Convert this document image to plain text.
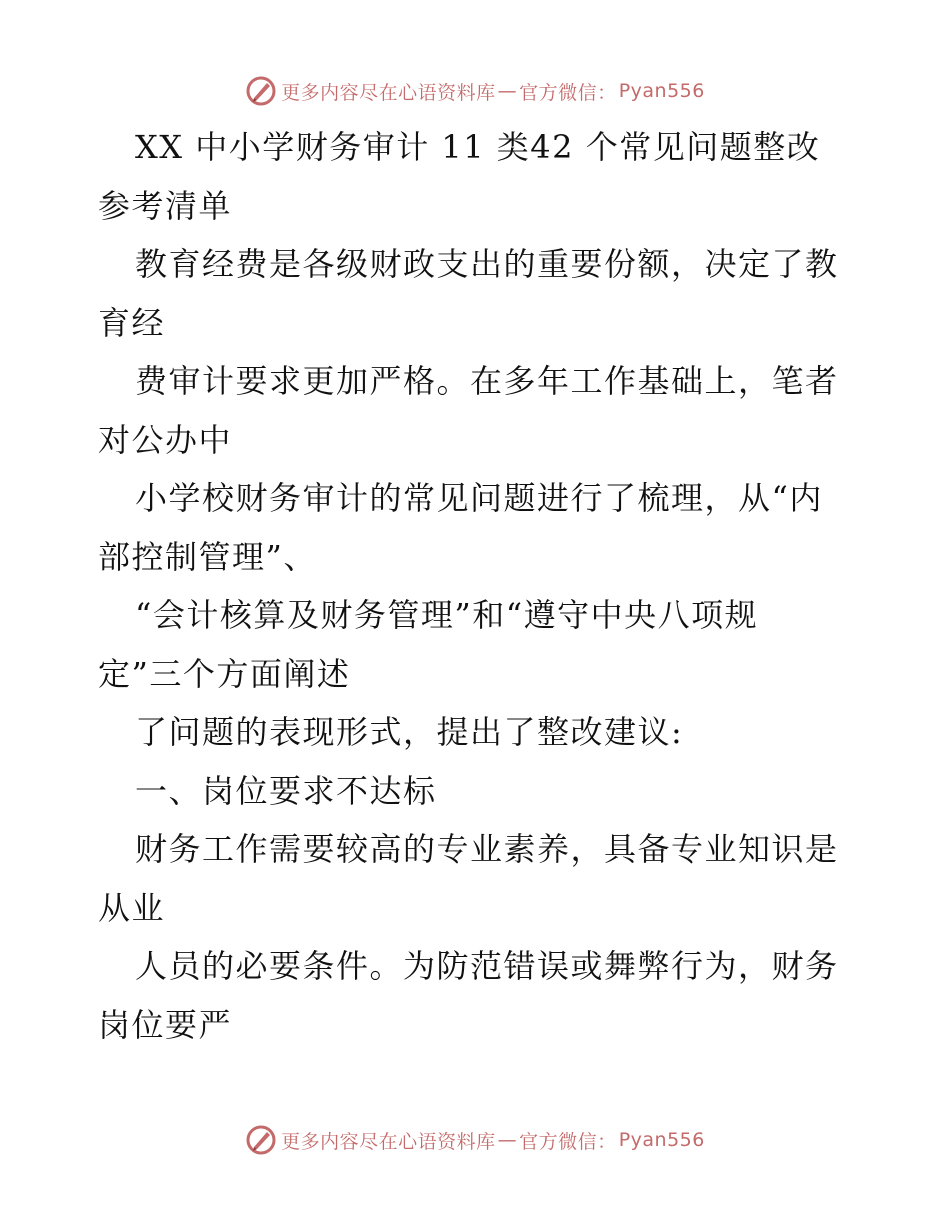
更多内容尽在心语资料库 — 官方微信： Pyan556

XX 中小学财务审计 11 类42 个常见问题整改

参考清单

教育经费是各级财政支出的重要份额，决定了教

育经

费审计要求更加严格。在多年工作基础上，笔者

对公办中

小学校财务审计的常见问题进行了梳理，从“内

部控制管理”、

“会计核算及财务管理”和“遵守中央八项规

定”三个方面阐述

了问题的表现形式，提出了整改建议:

一、岗位要求不达标

财务工作需要较高的专业素养，具备专业知识是

从业

人员的必要条件。为防范错误或舞弊行为，财务

岗位要严

更多内容尽在心语资料库 — 官方微信： Pyan556
